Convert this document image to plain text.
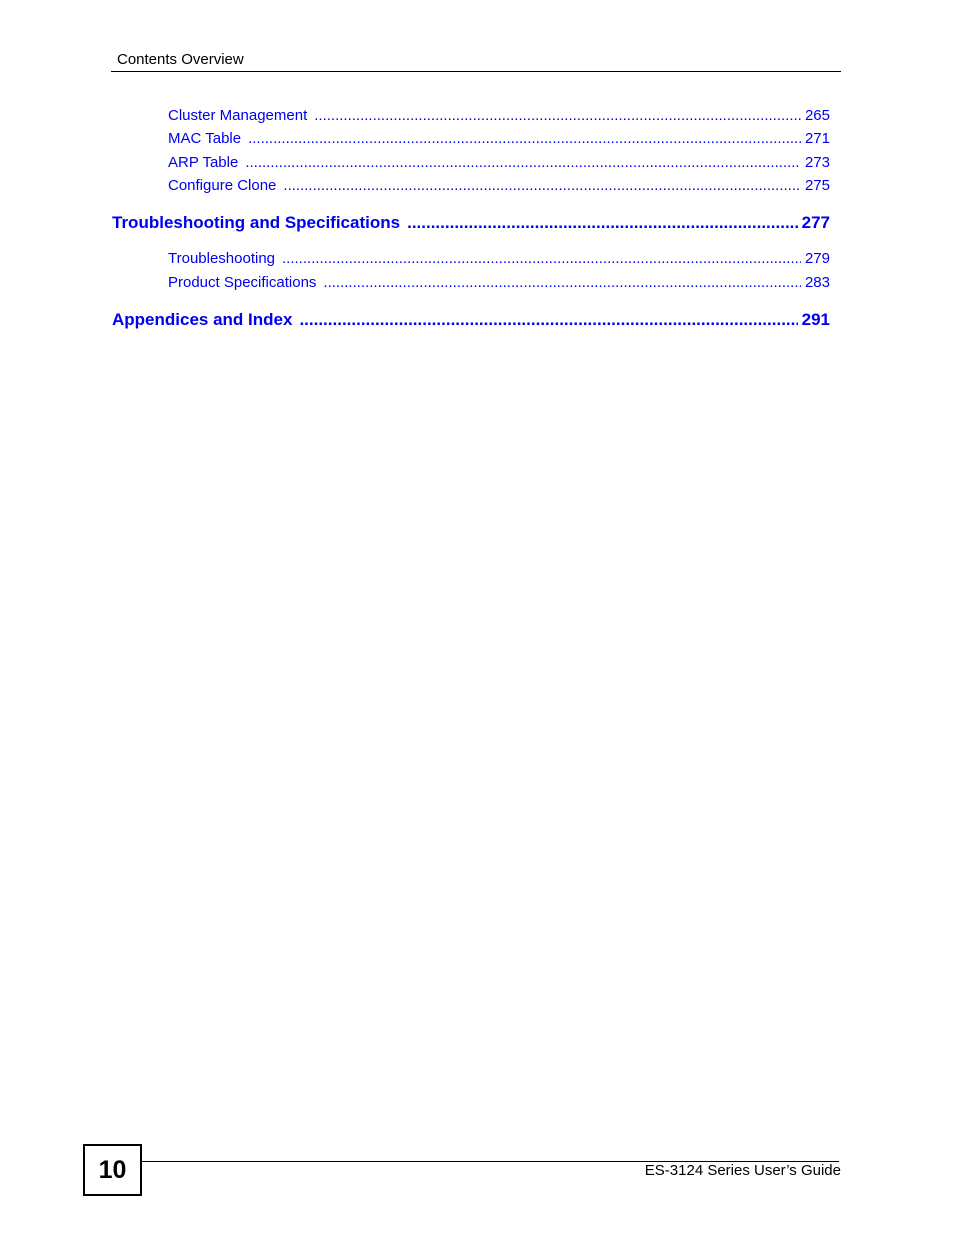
Contents Overview
Cluster Management .....	265
MAC Table .....	271
ARP Table .....	273
Configure Clone .....	275
Troubleshooting and Specifications .....	277
Troubleshooting .....	279
Product Specifications .....	283
Appendices and Index .....	291
10	ES-3124 Series User’s Guide
